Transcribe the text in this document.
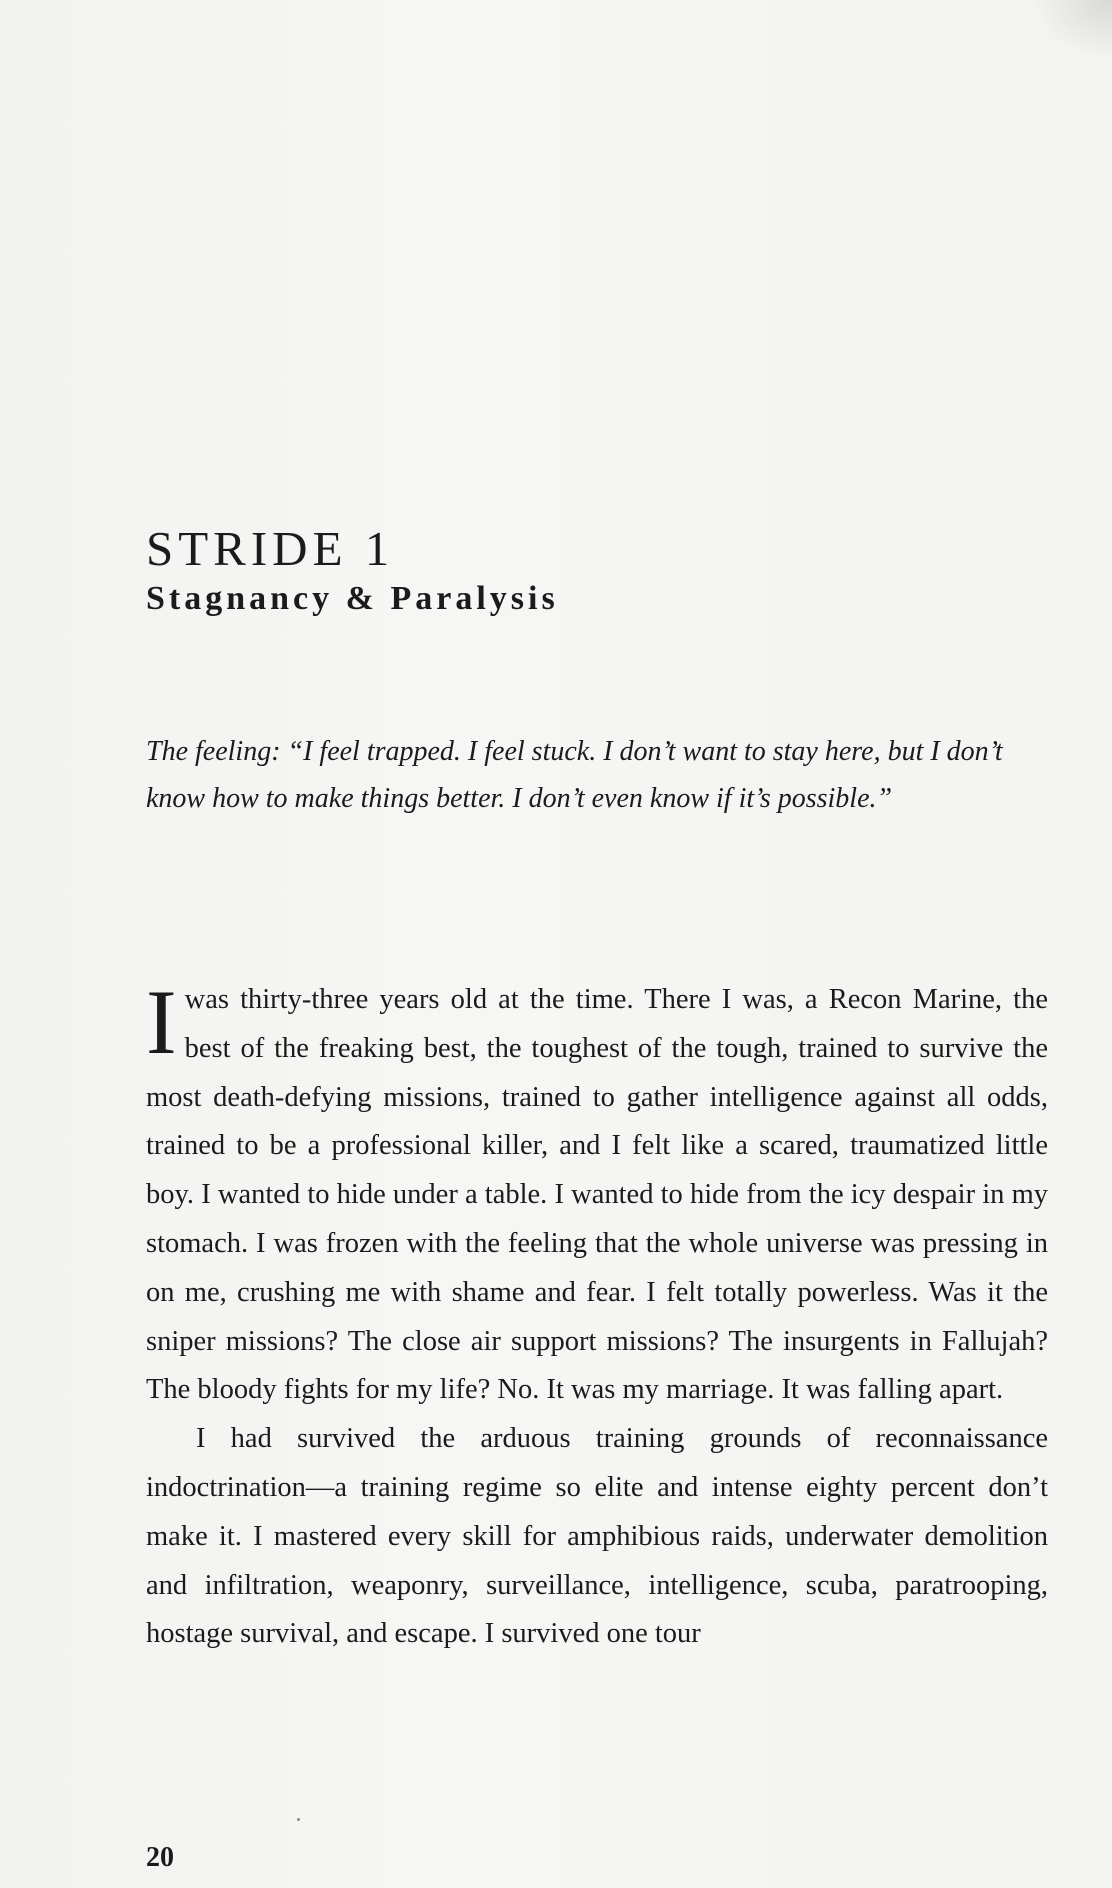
STRIDE 1
Stagnancy & Paralysis

The feeling: “I feel trapped. I feel stuck. I don’t want to stay here, but I don’t know how to make things better. I don’t even know if it’s possible.”

Iwas thirty-three years old at the time. There I was, a Recon Marine, the best of the freaking best, the toughest of the tough, trained to survive the most death-defying missions, trained to gather intelligence against all odds, trained to be a professional killer, and I felt like a scared, traumatized little boy. I wanted to hide under a table. I wanted to hide from the icy despair in my stomach. I was frozen with the feeling that the whole universe was pressing in on me, crushing me with shame and fear. I felt totally powerless. Was it the sniper missions? The close air support missions? The insurgents in Fallujah? The bloody fights for my life? No. It was my marriage. It was falling apart.

I had survived the arduous training grounds of reconnaissance indoctrination—a training regime so elite and intense eighty percent don’t make it. I mastered every skill for amphibious raids, underwater demolition and infiltration, weaponry, surveillance, intelligence, scuba, paratrooping, hostage survival, and escape. I survived one tour

20
